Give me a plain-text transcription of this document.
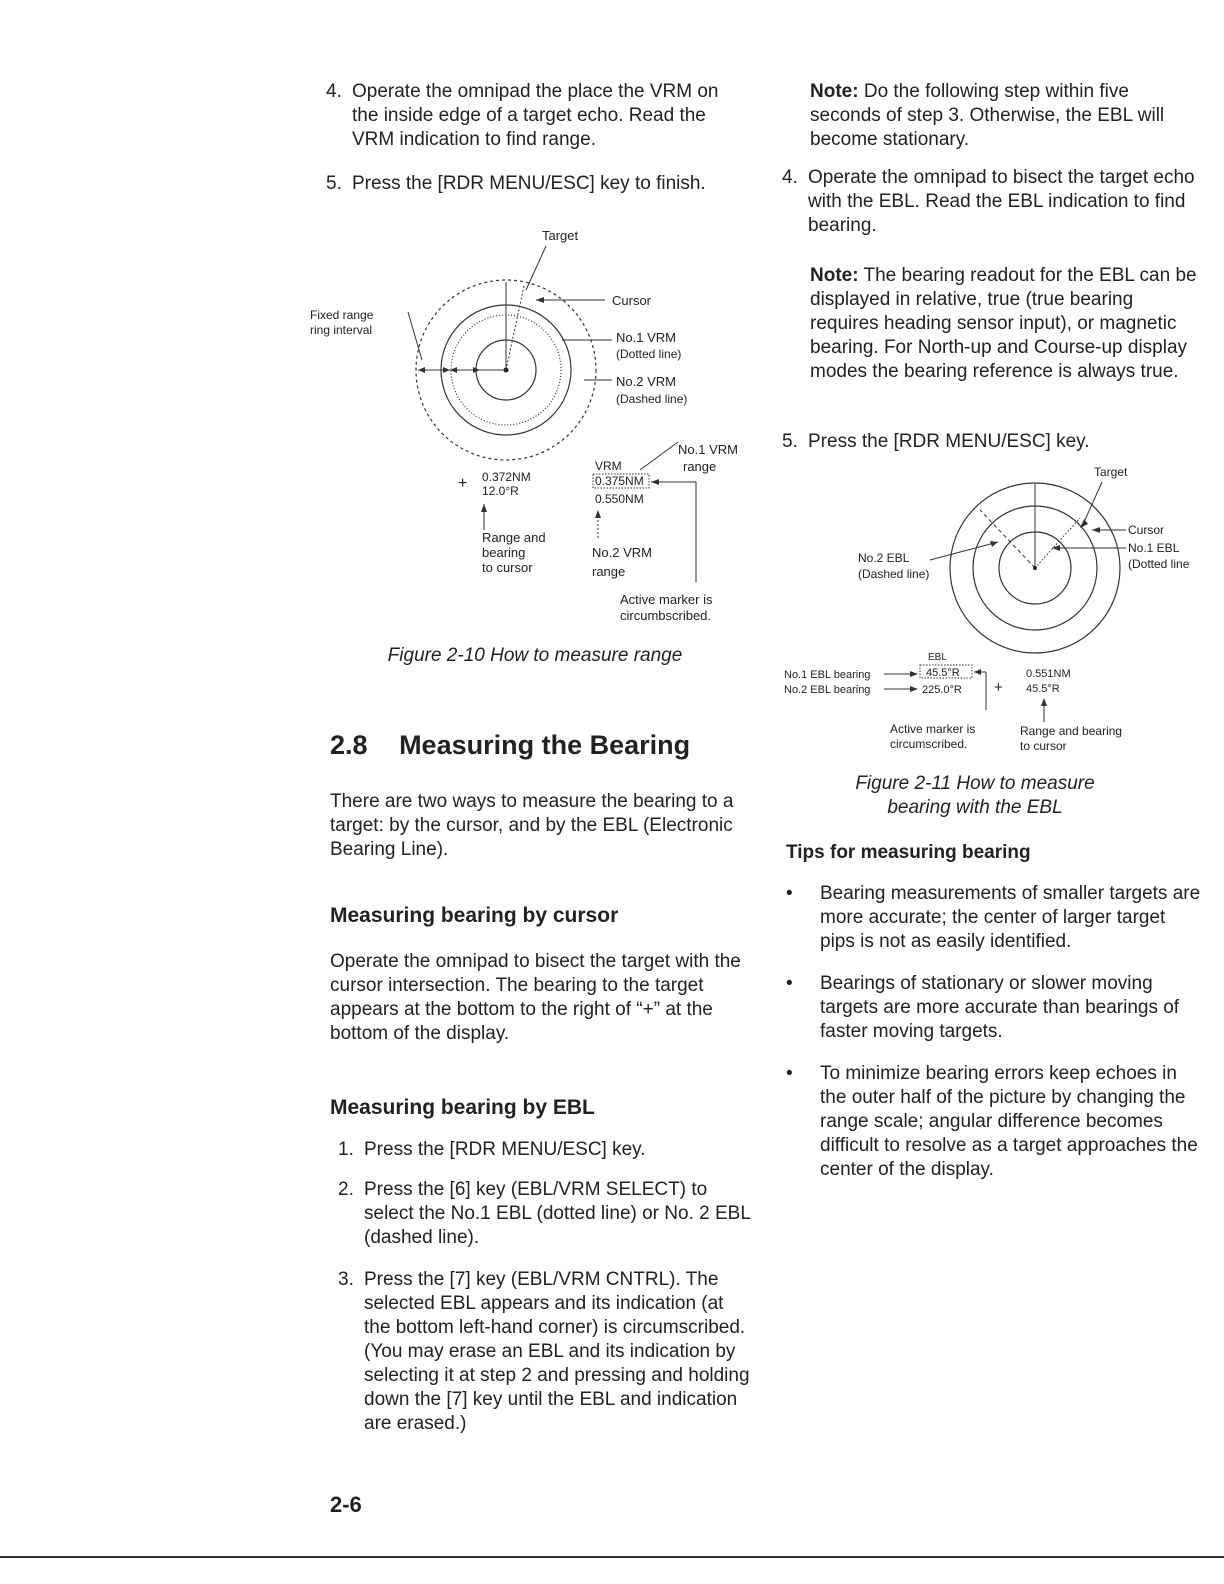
4. Operate the omnipad the place the VRM on the inside edge of a target echo. Read the VRM indication to find range.
5. Press the [RDR MENU/ESC] key to finish.
Target
Cursor
Fixed range
ring interval	No.1 VRM
(Dotted line)
No.2 VRM
(Dashed line)
+ 0.372NM
12.0°R
Range and
bearing
to cursor
VRM
0.375NM
0.550NM
No.1 VRM
range
No.2 VRM
range
Active marker is
circumbscribed.
Figure 2-10 How to measure range
2.8 Measuring the Bearing
There are two ways to measure the bearing to a target: by the cursor, and by the EBL (Electronic Bearing Line).
Measuring bearing by cursor
Operate the omnipad to bisect the target with the cursor intersection. The bearing to the target appears at the bottom to the right of “+” at the bottom of the display.
Measuring bearing by EBL
1. Press the [RDR MENU/ESC] key.
2. Press the [6] key (EBL/VRM SELECT) to select the No.1 EBL (dotted line) or No. 2 EBL (dashed line).
3. Press the [7] key (EBL/VRM CNTRL). The selected EBL appears and its indication (at the bottom left-hand corner) is circumscribed. (You may erase an EBL and its indication by selecting it at step 2 and pressing and holding down the [7] key until the EBL and indication are erased.)
2-6
Note: Do the following step within five seconds of step 3. Otherwise, the EBL will become stationary.
4. Operate the omnipad to bisect the target echo with the EBL. Read the EBL indication to find bearing.
Note: The bearing readout for the EBL can be displayed in relative, true (true bearing requires heading sensor input), or magnetic bearing. For North-up and Course-up display modes the bearing reference is always true.
5. Press the [RDR MENU/ESC] key.
Target
Cursor
No.1 EBL
(Dotted line
No.2 EBL
(Dashed line)
EBL
No.1 EBL bearing
No.2 EBL bearing
45.5°R
225.0°R +
0.551NM
45.5°R
Active marker is
circumscribed.
Range and bearing
to cursor
Figure 2-11 How to measure
bearing with the EBL
Tips for measuring bearing
• Bearing measurements of smaller targets are more accurate; the center of larger target pips is not as easily identified.
• Bearings of stationary or slower moving targets are more accurate than bearings of faster moving targets.
• To minimize bearing errors keep echoes in the outer half of the picture by changing the range scale; angular difference becomes difficult to resolve as a target approaches the center of the display.
